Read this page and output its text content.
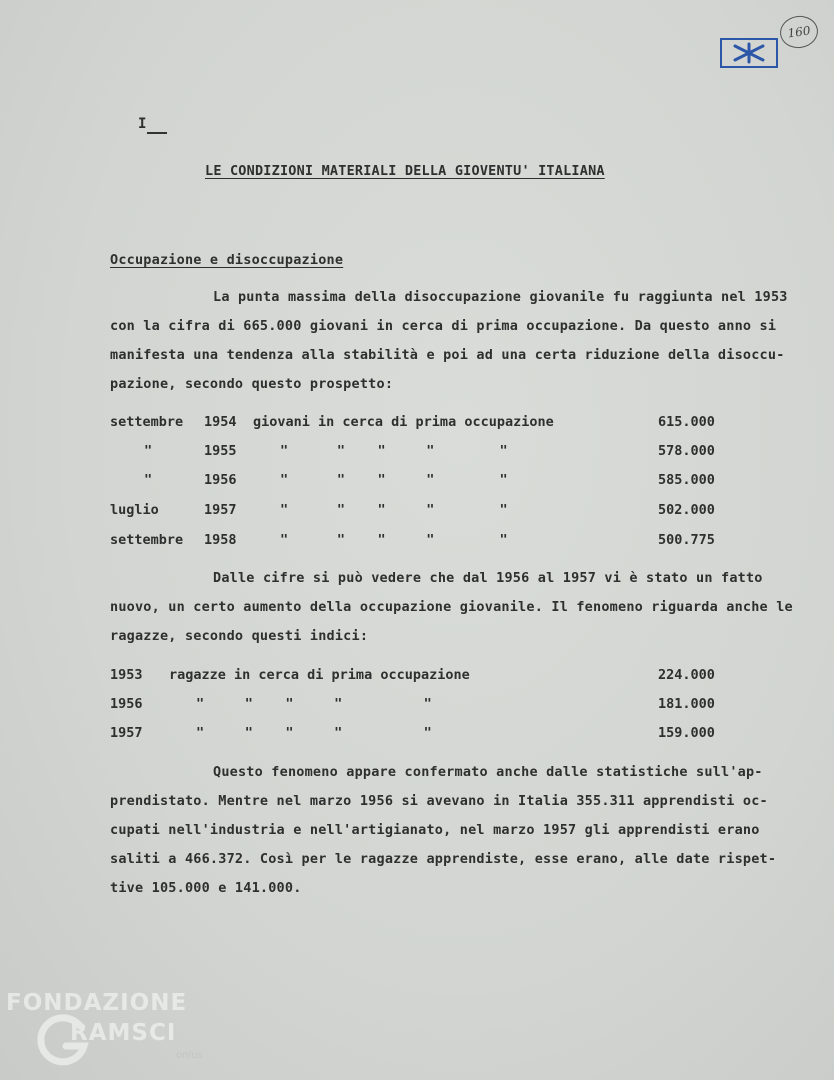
160
I
LE CONDIZIONI MATERIALI DELLA GIOVENTU' ITALIANA
Occupazione e disoccupazione

La punta massima della disoccupazione giovanile fu raggiunta nel 1953

con la cifra di 665.000 giovani in cerca di prima occupazione. Da questo anno si

manifesta una tendenza alla stabilità e poi ad una certa riduzione della disoccu-

pazione, secondo questo prospetto:

settembre 1954 giovani in cerca di prima occupazione	615.000
"	1955	"      "    "     "        "	578.000
"	1956	"      "    "     "        "	585.000
luglio	1957	"      "    "     "        "	502.000
settembre 1958	"      "    "     "        "	500.775

Dalle cifre si può vedere che dal 1956 al 1957 vi è stato un fatto

nuovo, un certo aumento della occupazione giovanile. Il fenomeno riguarda anche le

ragazze, secondo questi indici:

1953 ragazze in cerca di prima occupazione	224.000
1956	"     "    "     "          "	181.000
1957	"     "    "     "          "	159.000

Questo fenomeno appare confermato anche dalle statistiche sull'ap-

prendistato. Mentre nel marzo 1956 si avevano in Italia 355.311 apprendisti oc-

cupati nell'industria e nell'artigianato, nel marzo 1957 gli apprendisti erano

saliti a 466.372. Così per le ragazze apprendiste, esse erano, alle date rispet-

tive 105.000 e 141.000.

FONDAZIONE
RAMSCI
onlus
